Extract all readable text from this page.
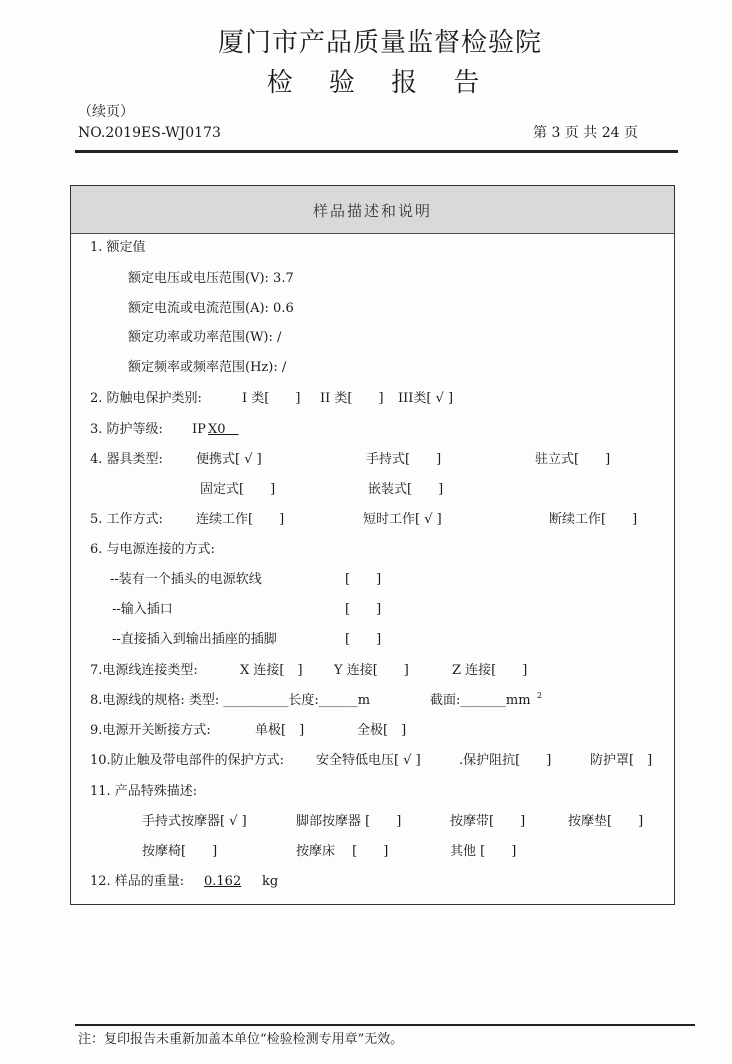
厦门市产品质量监督检验院
检 验 报 告
（续页）
NO.2019ES-WJ0173	第 3 页 共 24 页
样品描述和说明
1. 额定值
额定电压或电压范围(V): 3.7
额定电流或电流范围(A): 0.6
额定功率或功率范围(W): /
额定频率或频率范围(Hz): /
2. 防触电保护类别:	I 类[　　] II 类[　　] III类[ √ ]
3. 防护等级: IP X0　
4. 器具类型:	便携式[ √ ]	手持式[　　]	驻立式[　　]
固定式[　　]	嵌装式[　　]
5. 工作方式:	连续工作[　　]	短时工作[ √ ]	断续工作[　　]
6. 与电源连接的方式:
--装有一个插头的电源软线	[　　]
--输入插口	[　　]
--直接插入到输出插座的插脚	[　　]
7.电源线连接类型:	X 连接[　] Y 连接[　　]	Z 连接[　　]
8.电源线的规格: 类型: __________长度:______m	截面:_______mm 2
9.电源开关断接方式:	单极[　]	全极[　]
10.防止触及带电部件的保护方式: 安全特低电压[ √ ]	.保护阻抗[　　]	防护罩[　]
11. 产品特殊描述:
手持式按摩器[ √ ]	脚部按摩器 [　　]	按摩带[　　]	按摩垫[　　]
按摩椅[　　]	按摩床　 [　　]	其他 [　　]
12. 样品的重量:	0.162	kg
注：复印报告未重新加盖本单位“检验检测专用章”无效。
